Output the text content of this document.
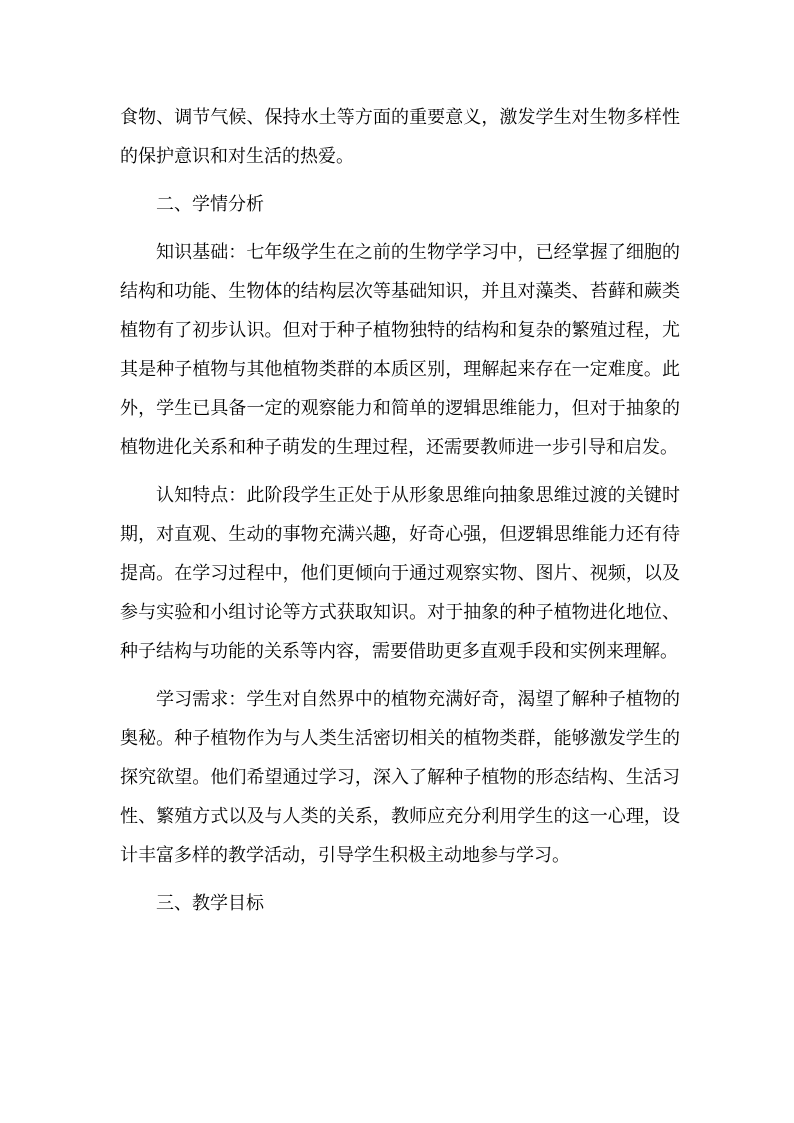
食物、调节气候、保持水土等方面的重要意义，激发学生对生物多样性的保护意识和对生活的热爱。

二、学情分析

知识基础：七年级学生在之前的生物学学习中，已经掌握了细胞的结构和功能、生物体的结构层次等基础知识，并且对藻类、苔藓和蕨类植物有了初步认识。但对于种子植物独特的结构和复杂的繁殖过程，尤其是种子植物与其他植物类群的本质区别，理解起来存在一定难度。此外，学生已具备一定的观察能力和简单的逻辑思维能力，但对于抽象的植物进化关系和种子萌发的生理过程，还需要教师进一步引导和启发。

认知特点：此阶段学生正处于从形象思维向抽象思维过渡的关键时期，对直观、生动的事物充满兴趣，好奇心强，但逻辑思维能力还有待提高。在学习过程中，他们更倾向于通过观察实物、图片、视频，以及参与实验和小组讨论等方式获取知识。对于抽象的种子植物进化地位、种子结构与功能的关系等内容，需要借助更多直观手段和实例来理解。

学习需求：学生对自然界中的植物充满好奇，渴望了解种子植物的奥秘。种子植物作为与人类生活密切相关的植物类群，能够激发学生的探究欲望。他们希望通过学习，深入了解种子植物的形态结构、生活习性、繁殖方式以及与人类的关系，教师应充分利用学生的这一心理，设计丰富多样的教学活动，引导学生积极主动地参与学习。

三、教学目标
